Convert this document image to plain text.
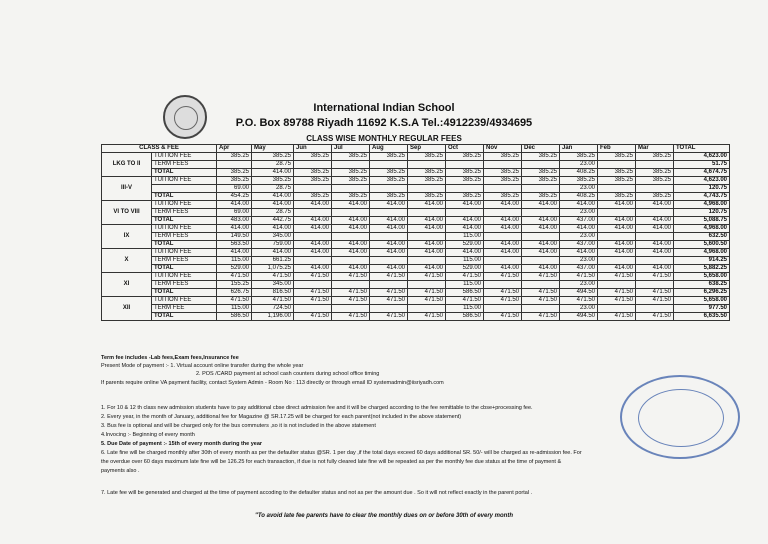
International Indian School
P.O. Box 89788 Riyadh 11692 K.S.A Tel.:4912239/4934695
CLASS WISE MONTHLY REGULAR FEES
CLASS & FEE		Apr	May	Jun	Jul	Aug	Sep	Oct	Nov	Dec	Jan	Feb	Mar	TOTAL
LKG TO II	TUITION FEE	385.25	385.25	385.25	385.25	385.25	385.25	385.25	385.25	385.25	385.25	385.25	385.25	4,623.00
	TERM FEES		28.75								23.00			51.75
	TOTAL	385.25	414.00	385.25	385.25	385.25	385.25	385.25	385.25	385.25	408.25	385.25	385.25	4,674.75
III-V	TUITION FEE	385.25	385.25	385.25	385.25	385.25	385.25	385.25	385.25	385.25	385.25	385.25	385.25	4,623.00
		69.00	28.75								23.00			120.75
	TOTAL	454.25	414.00	385.25	385.25	385.25	385.25	385.25	385.25	385.25	408.25	385.25	385.25	4,743.75
VI TO VIII	TUITION FEE	414.00	414.00	414.00	414.00	414.00	414.00	414.00	414.00	414.00	414.00	414.00	414.00	4,968.00
	TERM FEES	69.00	28.75								23.00			120.75
	TOTAL	483.00	442.75	414.00	414.00	414.00	414.00	414.00	414.00	414.00	437.00	414.00	414.00	5,088.75
IX	TUITION FEE	414.00	414.00	414.00	414.00	414.00	414.00	414.00	414.00	414.00	414.00	414.00	414.00	4,968.00
	TERM FEES	149.50	345.00					115.00			23.00			632.50
	TOTAL	563.50	759.00	414.00	414.00	414.00	414.00	529.00	414.00	414.00	437.00	414.00	414.00	5,600.50
X	TUITION FEE	414.00	414.00	414.00	414.00	414.00	414.00	414.00	414.00	414.00	414.00	414.00	414.00	4,968.00
	TERM FEES	115.00	661.25					115.00			23.00			914.25
	TOTAL	529.00	1,075.25	414.00	414.00	414.00	414.00	529.00	414.00	414.00	437.00	414.00	414.00	5,882.25
XI	TUITION FEE	471.50	471.50	471.50	471.50	471.50	471.50	471.50	471.50	471.50	471.50	471.50	471.50	5,658.00
	TERM FEES	155.25	345.00					115.00			23.00			638.25
	TOTAL	626.75	816.50	471.50	471.50	471.50	471.50	586.50	471.50	471.50	494.50	471.50	471.50	6,296.25
XII	TUITION FEE	471.50	471.50	471.50	471.50	471.50	471.50	471.50	471.50	471.50	471.50	471.50	471.50	5,658.00
	TERM FEE	115.00	724.50					115.00			23.00			977.50
	TOTAL	586.50	1,196.00	471.50	471.50	471.50	471.50	586.50	471.50	471.50	494.50	471.50	471.50	6,635.50
Term fee includes -Lab fees,Exam fees,Insurance fee
Present Mode of payment :- 1. Virtual account online transfer during the whole year
2. POS /CARD payment at school cash counters during school office timing
If parents require online VA payment facility, contact System Admin - Room No : 113 directly or through email ID systemadmin@iisriyadh.com
1. For 10 & 12 th class new admission students have to pay additional cbse direct admission fee and it will be charged according to the fee remittable to the cbse+processing fee.
2. Every year, in the month of January, additional fee for Magazine @ SR.17.25 will be charged for each parent(not included in the above statement)
3. Bus fee is optional and will be charged only for the bus commuters ,so it is not included in the above statement
4.Invocing :- Beginning of every month
5. Due Date of payment :- 15th of every month during the year
6. Late fine will be charged monthly after 30th of every month as per the defaulter status @SR. 1 per day ,if the total days exceed 60 days additional SR. 50/- will be charged as re-admission fee. For
the overdue over 60 days maximum late fine will be 126.25 for each transaction, if due is not fully cleared late fine will be repeated as per the monthly fee due status at the time of payment &
payments also .
7. Late fee will be generated and charged at the time of payment accoding to the defaulter status and not as per the amount due . So it will not reflect exactly in the parent portal .
"To avoid late fee parents have to clear the monthly dues on or before 30th of every month
